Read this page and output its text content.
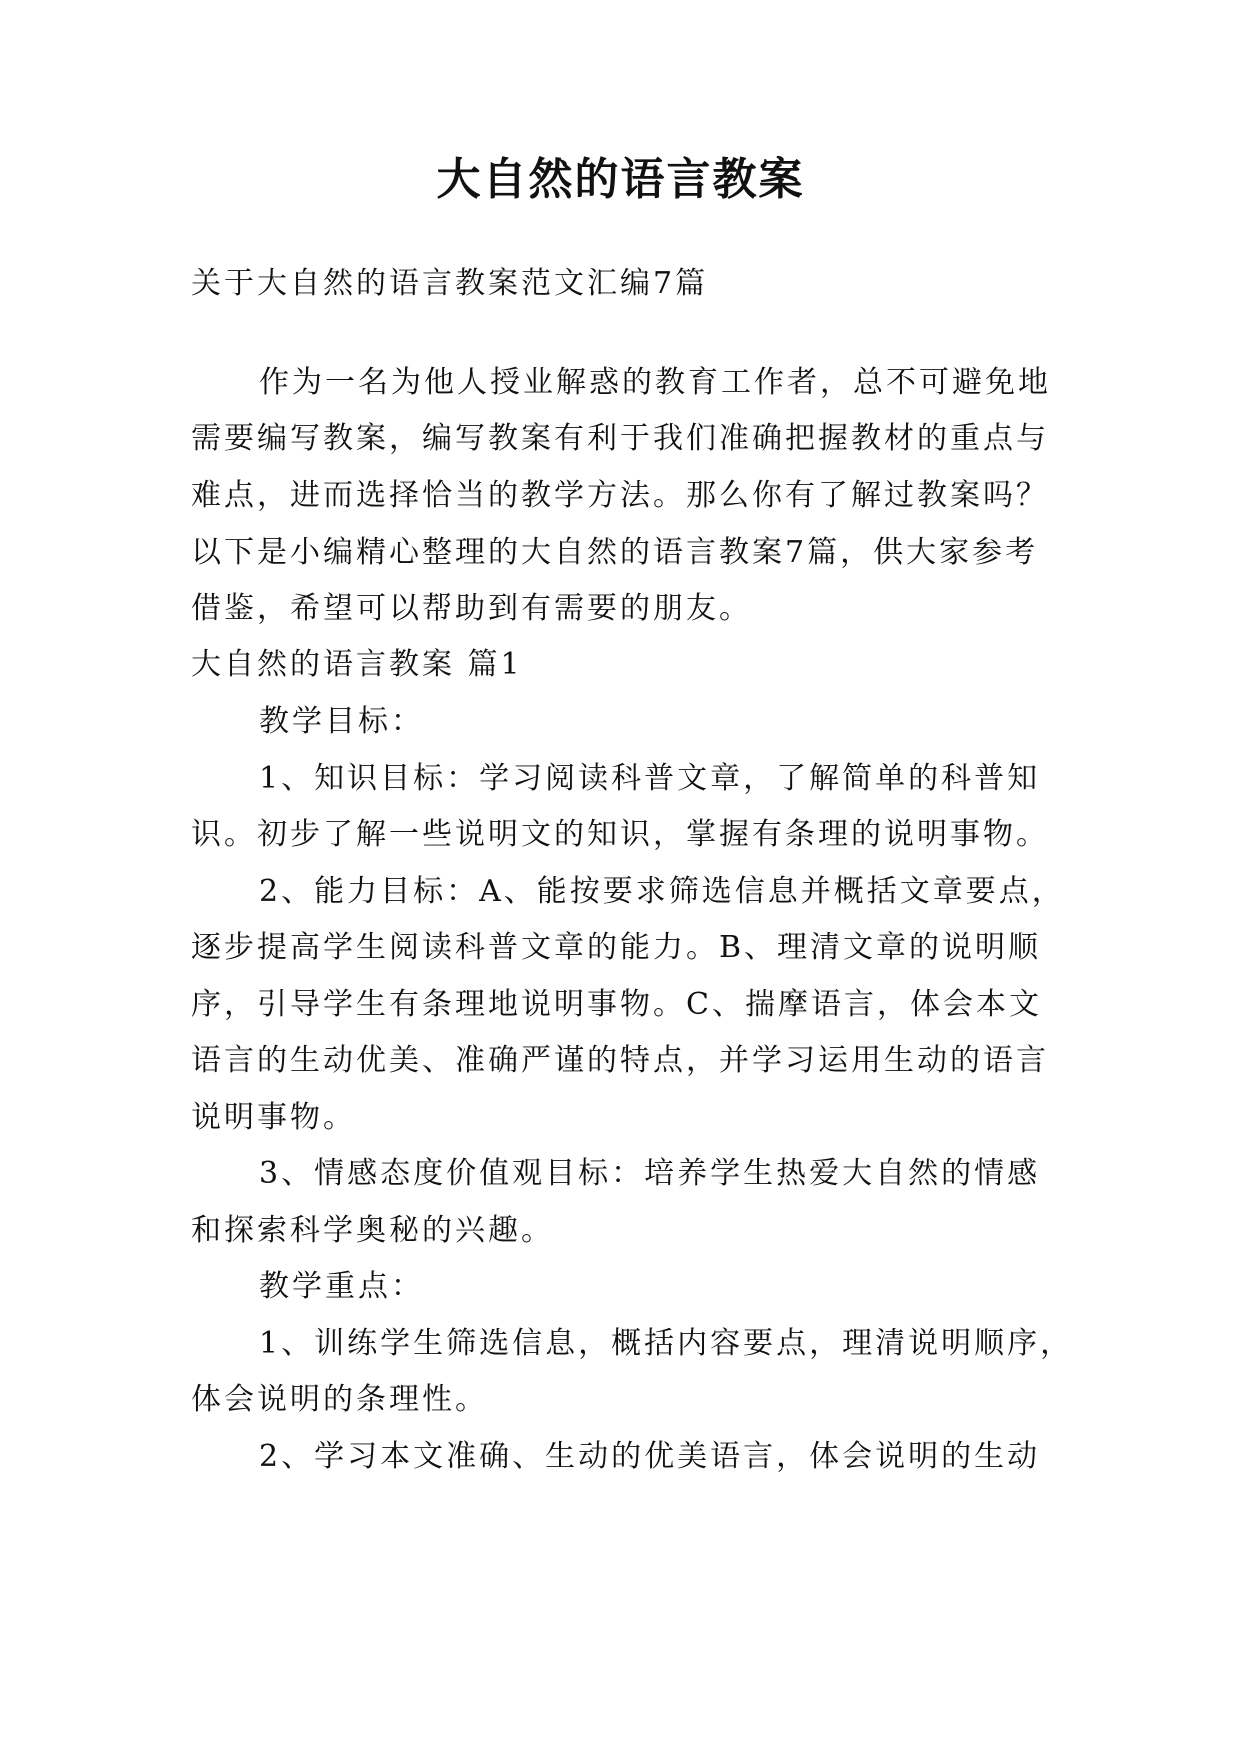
大自然的语言教案
关于大自然的语言教案范文汇编7篇
作为一名为他人授业解惑的教育工作者，总不可避免地
需要编写教案，编写教案有利于我们准确把握教材的重点与
难点，进而选择恰当的教学方法。那么你有了解过教案吗？
以下是小编精心整理的大自然的语言教案7篇，供大家参考
借鉴，希望可以帮助到有需要的朋友。
大自然的语言教案 篇1
教学目标：
1、知识目标：学习阅读科普文章，了解简单的科普知
识。初步了解一些说明文的知识，掌握有条理的说明事物。
2、能力目标：A、能按要求筛选信息并概括文章要点，
逐步提高学生阅读科普文章的能力。B、理清文章的说明顺
序，引导学生有条理地说明事物。C、揣摩语言，体会本文
语言的生动优美、准确严谨的特点，并学习运用生动的语言
说明事物。
3、情感态度价值观目标：培养学生热爱大自然的情感
和探索科学奥秘的兴趣。
教学重点：
1、训练学生筛选信息，概括内容要点，理清说明顺序，
体会说明的条理性。
2、学习本文准确、生动的优美语言，体会说明的生动
